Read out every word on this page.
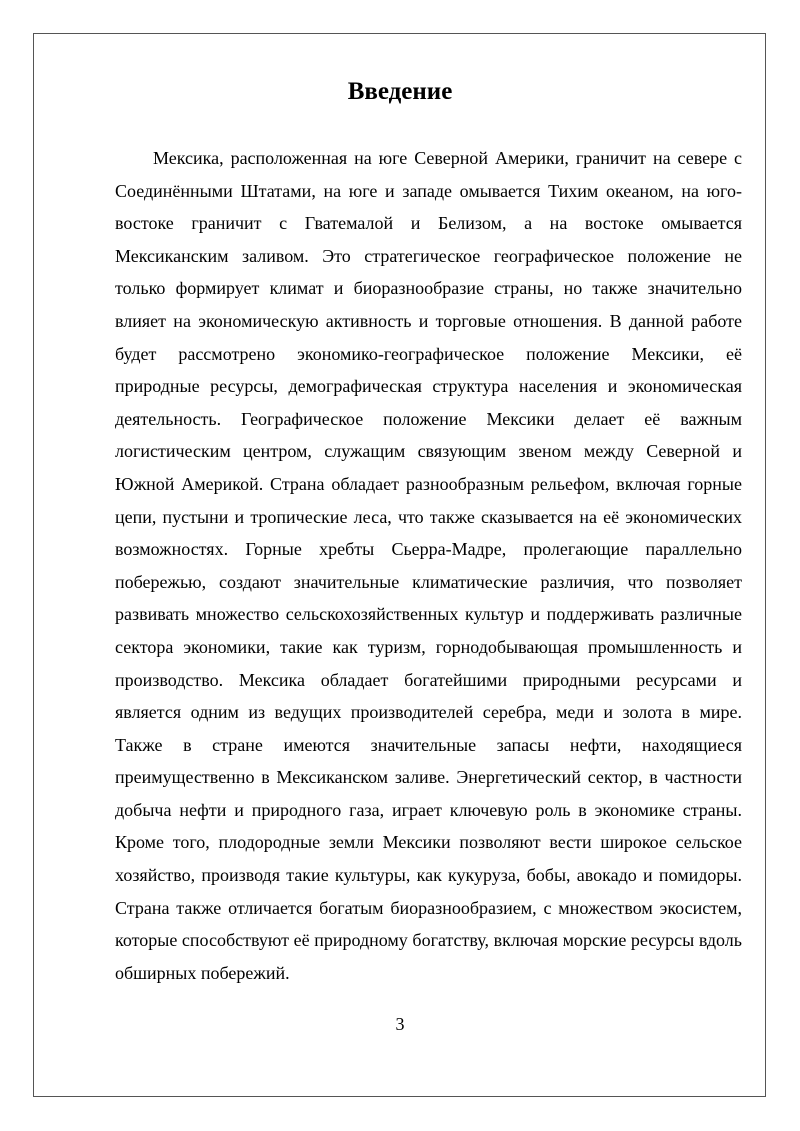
Введение

Мексика, расположенная на юге Северной Америки, граничит на севере с Соединёнными Штатами, на юге и западе омывается Тихим океаном, на юго-востоке граничит с Гватемалой и Белизом, а на востоке омывается Мексиканским заливом. Это стратегическое географическое положение не только формирует климат и биоразнообразие страны, но также значительно влияет на экономическую активность и торговые отношения. В данной работе будет рассмотрено экономико-географическое положение Мексики, её природные ресурсы, демографическая структура населения и экономическая деятельность. Географическое положение Мексики делает её важным логистическим центром, служащим связующим звеном между Северной и Южной Америкой. Страна обладает разнообразным рельефом, включая горные цепи, пустыни и тропические леса, что также сказывается на её экономических возможностях. Горные хребты Сьерра-Мадре, пролегающие параллельно побережью, создают значительные климатические различия, что позволяет развивать множество сельскохозяйственных культур и поддерживать различные сектора экономики, такие как туризм, горнодобывающая промышленность и производство. Мексика обладает богатейшими природными ресурсами и является одним из ведущих производителей серебра, меди и золота в мире. Также в стране имеются значительные запасы нефти, находящиеся преимущественно в Мексиканском заливе. Энергетический сектор, в частности добыча нефти и природного газа, играет ключевую роль в экономике страны. Кроме того, плодородные земли Мексики позволяют вести широкое сельское хозяйство, производя такие культуры, как кукуруза, бобы, авокадо и помидоры. Страна также отличается богатым биоразнообразием, с множеством экосистем, которые способствуют её природному богатству, включая морские ресурсы вдоль обширных побережий.

3
